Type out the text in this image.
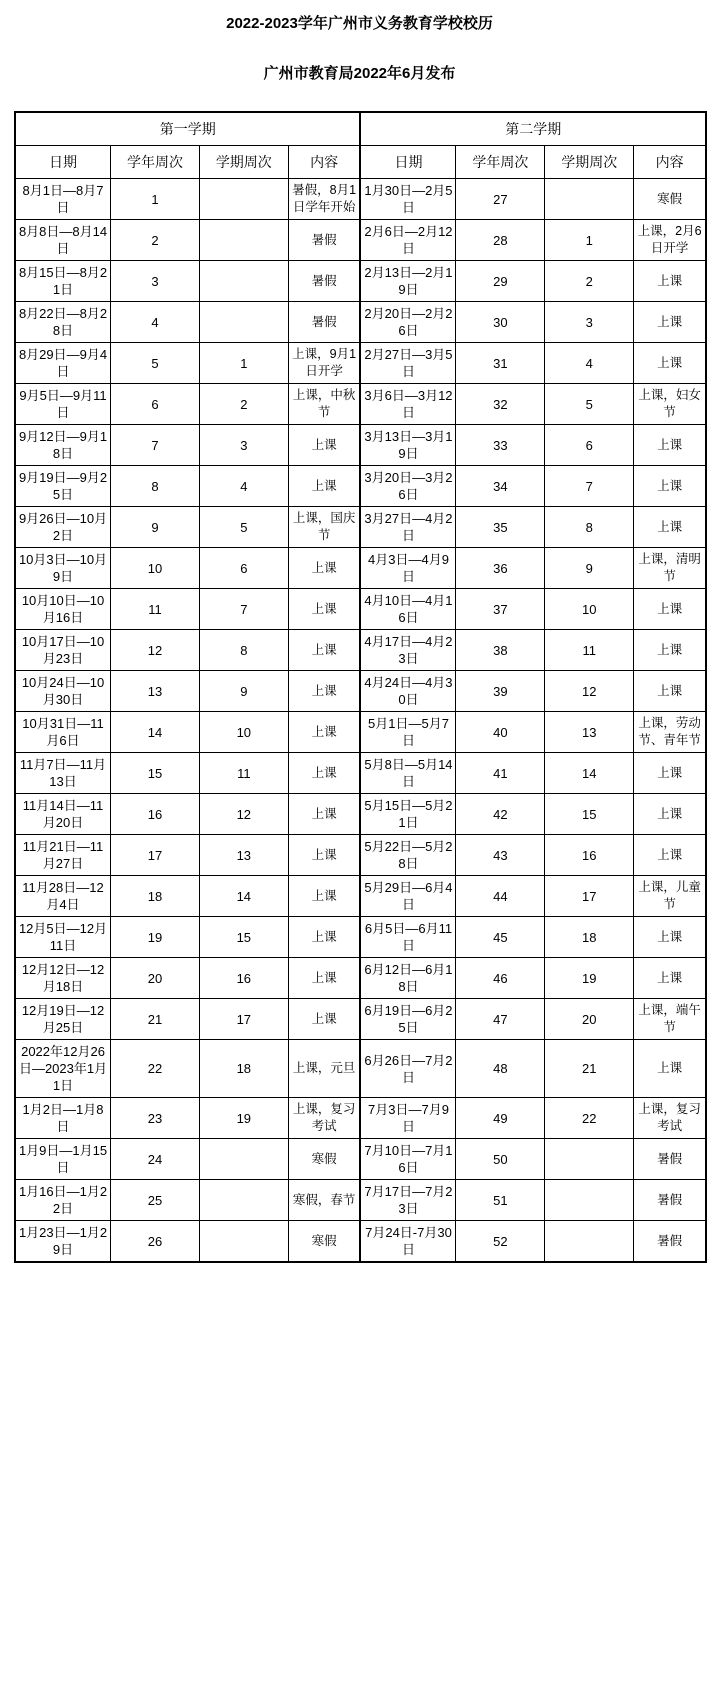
2022-2023学年广州市义务教育学校校历
广州市教育局2022年6月发布
第一学期				第二学期			
日期	学年周次	学期周次	内容	日期	学年周次	学期周次	内容
8月1日—8月7日	1		暑假，8月1日学年开始	1月30日—2月5日	27		寒假
8月8日—8月14日	2		暑假	2月6日—2月12日	28	1	上课，2月6日开学
8月15日—8月21日	3		暑假	2月13日—2月19日	29	2	上课
8月22日—8月28日	4		暑假	2月20日—2月26日	30	3	上课
8月29日—9月4日	5	1	上课，9月1日开学	2月27日—3月5日	31	4	上课
9月5日—9月11日	6	2	上课，中秋节	3月6日—3月12日	32	5	上课，妇女节
9月12日—9月18日	7	3	上课	3月13日—3月19日	33	6	上课
9月19日—9月25日	8	4	上课	3月20日—3月26日	34	7	上课
9月26日—10月2日	9	5	上课，国庆节	3月27日—4月2日	35	8	上课
10月3日—10月9日	10	6	上课	4月3日—4月9日	36	9	上课，清明节
10月10日—10月16日	11	7	上课	4月10日—4月16日	37	10	上课
10月17日—10月23日	12	8	上课	4月17日—4月23日	38	11	上课
10月24日—10月30日	13	9	上课	4月24日—4月30日	39	12	上课
10月31日—11月6日	14	10	上课	5月1日—5月7日	40	13	上课，劳动节、青年节
11月7日—11月13日	15	11	上课	5月8日—5月14日	41	14	上课
11月14日—11月20日	16	12	上课	5月15日—5月21日	42	15	上课
11月21日—11月27日	17	13	上课	5月22日—5月28日	43	16	上课
11月28日—12月4日	18	14	上课	5月29日—6月4日	44	17	上课，儿童节
12月5日—12月11日	19	15	上课	6月5日—6月11日	45	18	上课
12月12日—12月18日	20	16	上课	6月12日—6月18日	46	19	上课
12月19日—12月25日	21	17	上课	6月19日—6月25日	47	20	上课，端午节
2022年12月26日—2023年1月1日	22	18	上课，元旦	6月26日—7月2日	48	21	上课
1月2日—1月8日	23	19	上课，复习考试	7月3日—7月9日	49	22	上课，复习考试
1月9日—1月15日	24		寒假	7月10日—7月16日	50		暑假
1月16日—1月22日	25		寒假，春节	7月17日—7月23日	51		暑假
1月23日—1月29日	26		寒假	7月24日-7月30日	52		暑假
